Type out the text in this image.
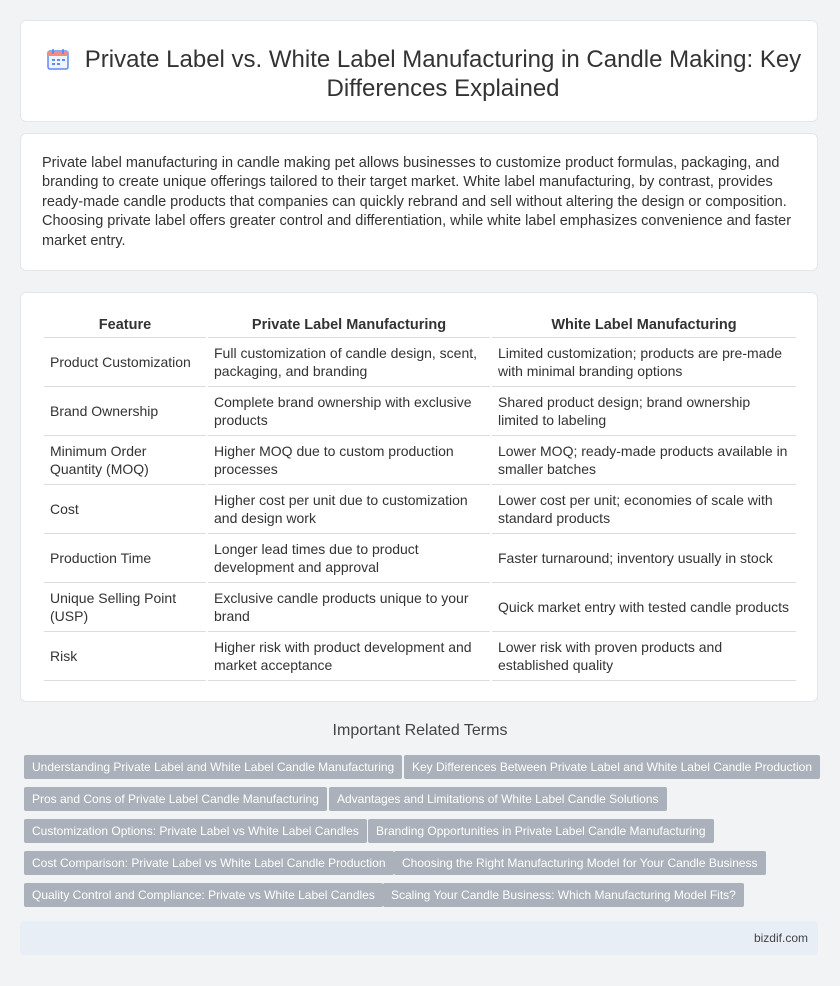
Private Label vs. White Label Manufacturing in Candle Making: Key Differences Explained

Private label manufacturing in candle making pet allows businesses to customize product formulas, packaging, and branding to create unique offerings tailored to their target market. White label manufacturing, by contrast, provides ready-made candle products that companies can quickly rebrand and sell without altering the design or composition. Choosing private label offers greater control and differentiation, while white label emphasizes convenience and faster market entry.

Feature	Private Label Manufacturing	White Label Manufacturing
Product Customization	Full customization of candle design, scent, packaging, and branding	Limited customization; products are pre-made with minimal branding options
Brand Ownership	Complete brand ownership with exclusive products	Shared product design; brand ownership limited to labeling
Minimum Order Quantity (MOQ)	Higher MOQ due to custom production processes	Lower MOQ; ready-made products available in smaller batches
Cost	Higher cost per unit due to customization and design work	Lower cost per unit; economies of scale with standard products
Production Time	Longer lead times due to product development and approval	Faster turnaround; inventory usually in stock
Unique Selling Point (USP)	Exclusive candle products unique to your brand	Quick market entry with tested candle products
Risk	Higher risk with product development and market acceptance	Lower risk with proven products and established quality
Important Related Terms
Understanding Private Label and White Label Candle Manufacturing	Key Differences Between Private Label and White Label Candle Production
Pros and Cons of Private Label Candle Manufacturing	Advantages and Limitations of White Label Candle Solutions
Customization Options: Private Label vs White Label Candles	Branding Opportunities in Private Label Candle Manufacturing
Cost Comparison: Private Label vs White Label Candle Production	Choosing the Right Manufacturing Model for Your Candle Business
Quality Control and Compliance: Private vs White Label Candles	Scaling Your Candle Business: Which Manufacturing Model Fits?
bizdif.com
